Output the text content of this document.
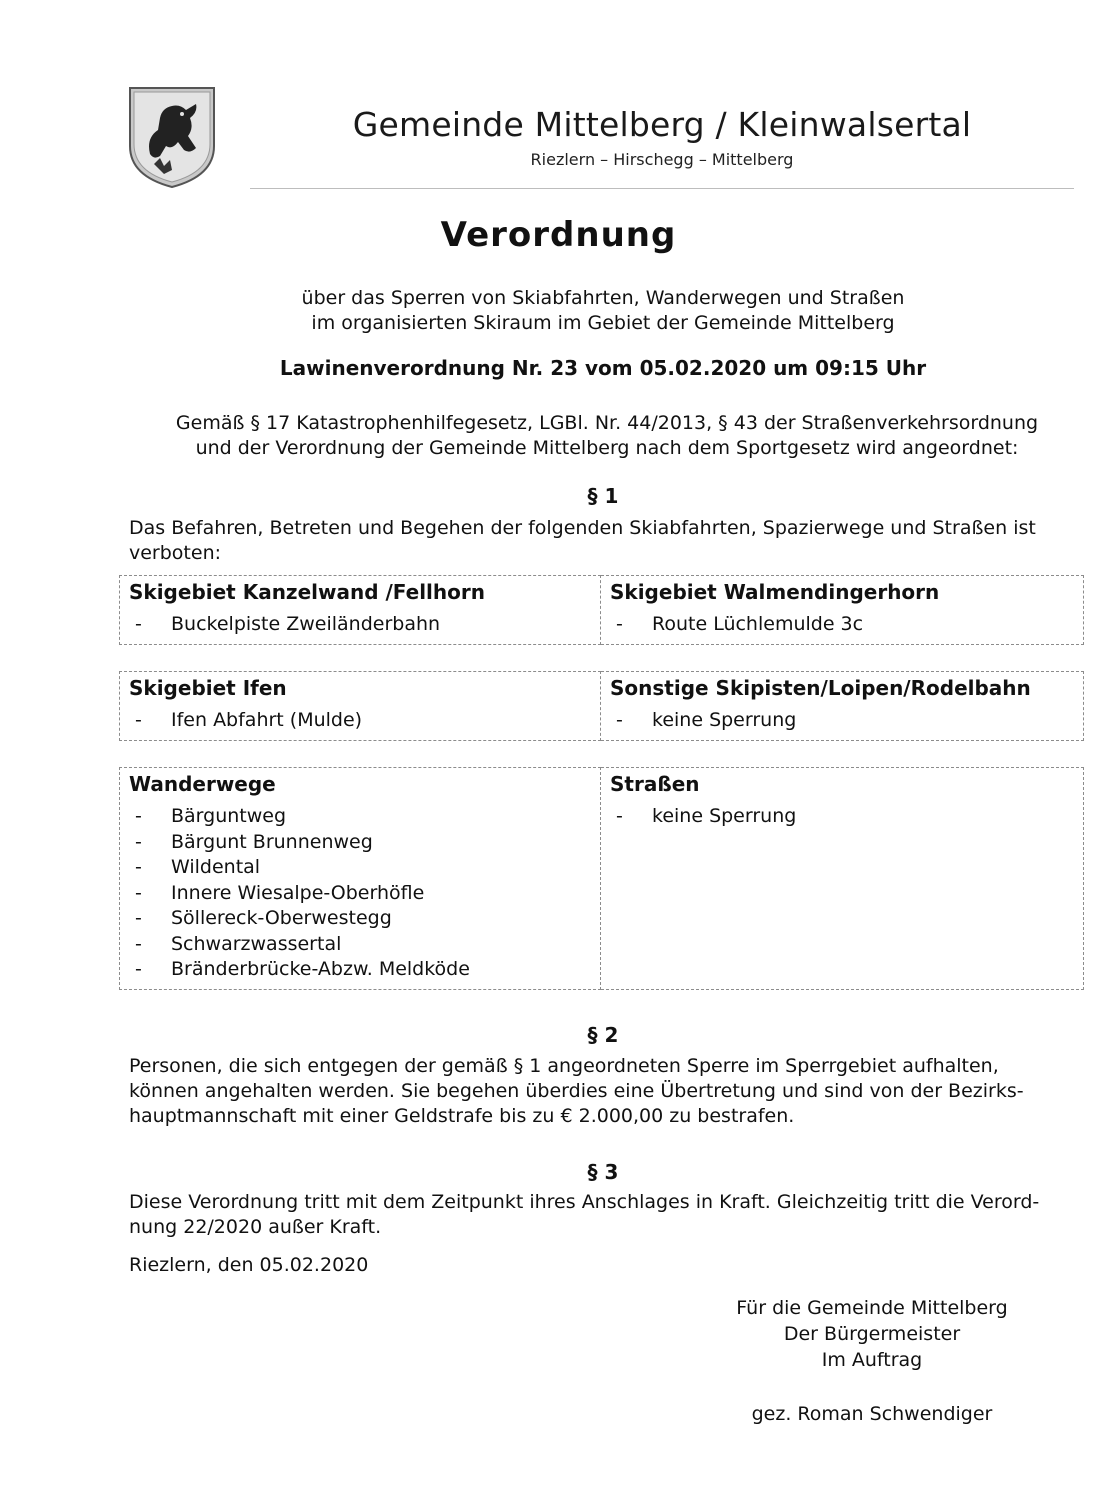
Gemeinde Mittelberg / Kleinwalsertal
Riezlern – Hirschegg – Mittelberg
Verordnung
über das Sperren von Skiabfahrten, Wanderwegen und Straßen
im organisierten Skiraum im Gebiet der Gemeinde Mittelberg
Lawinenverordnung Nr. 23 vom 05.02.2020 um 09:15 Uhr
Gemäß § 17 Katastrophenhilfegesetz, LGBl. Nr. 44/2013, § 43 der Straßenverkehrsordnung
und der Verordnung der Gemeinde Mittelberg nach dem Sportgesetz wird angeordnet:
§ 1
Das Befahren, Betreten und Begehen der folgenden Skiabfahrten, Spazierwege und Straßen ist verboten:
Skigebiet Kanzelwand /Fellhorn
- Buckelpiste Zweiländerbahn

Skigebiet Walmendingerhorn
- Route Lüchlemulde 3c
Skigebiet Ifen
- Ifen Abfahrt (Mulde)

Sonstige Skipisten/Loipen/Rodelbahn
- keine Sperrung
Wanderwege
- Bärguntweg
- Bärgunt Brunnenweg
- Wildental
- Innere Wiesalpe-Oberhöfle
- Söllereck-Oberwestegg
- Schwarzwassertal
- Bränderbrücke-Abzw. Meldköde

Straßen
- keine Sperrung
§ 2
Personen, die sich entgegen der gemäß § 1 angeordneten Sperre im Sperrgebiet aufhalten,
können angehalten werden. Sie begehen überdies eine Übertretung und sind von der Bezirks-
hauptmannschaft mit einer Geldstrafe bis zu € 2.000,00 zu bestrafen.
§ 3
Diese Verordnung tritt mit dem Zeitpunkt ihres Anschlages in Kraft. Gleichzeitig tritt die Verord-
nung 22/2020 außer Kraft.
Riezlern, den 05.02.2020
Für die Gemeinde Mittelberg
Der Bürgermeister
Im Auftrag
gez. Roman Schwendiger
